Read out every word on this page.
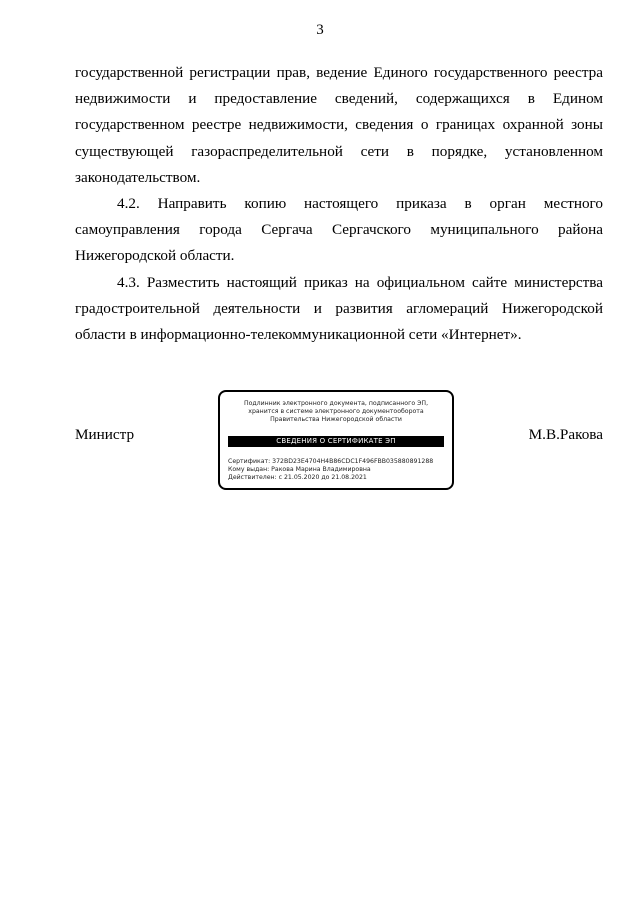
3

государственной регистрации прав, ведение Единого государственного реестра недвижимости и предоставление сведений, содержащихся в Едином государственном реестре недвижимости, сведения о границах охранной зоны существующей газораспределительной сети в порядке, установленном законодательством.

4.2. Направить копию настоящего приказа в орган местного самоуправления города Сергача Сергачского муниципального района Нижегородской области.

4.3. Разместить настоящий приказ на официальном сайте министерства градостроительной деятельности и развития агломераций Нижегородской области в информационно-телекоммуникационной сети «Интернет».

Министр	М.В.Ракова
Подлинник электронного документа, подписанного ЭП,
хранится в системе электронного документооборота
Правительства Нижегородской области
СВЕДЕНИЯ О СЕРТИФИКАТЕ ЭП
Сертификат: 372BD23E4704H4B86CDC1F496FBB035880891288
Кому выдан: Ракова Марина Владимировна
Действителен: с 21.05.2020 до 21.08.2021
